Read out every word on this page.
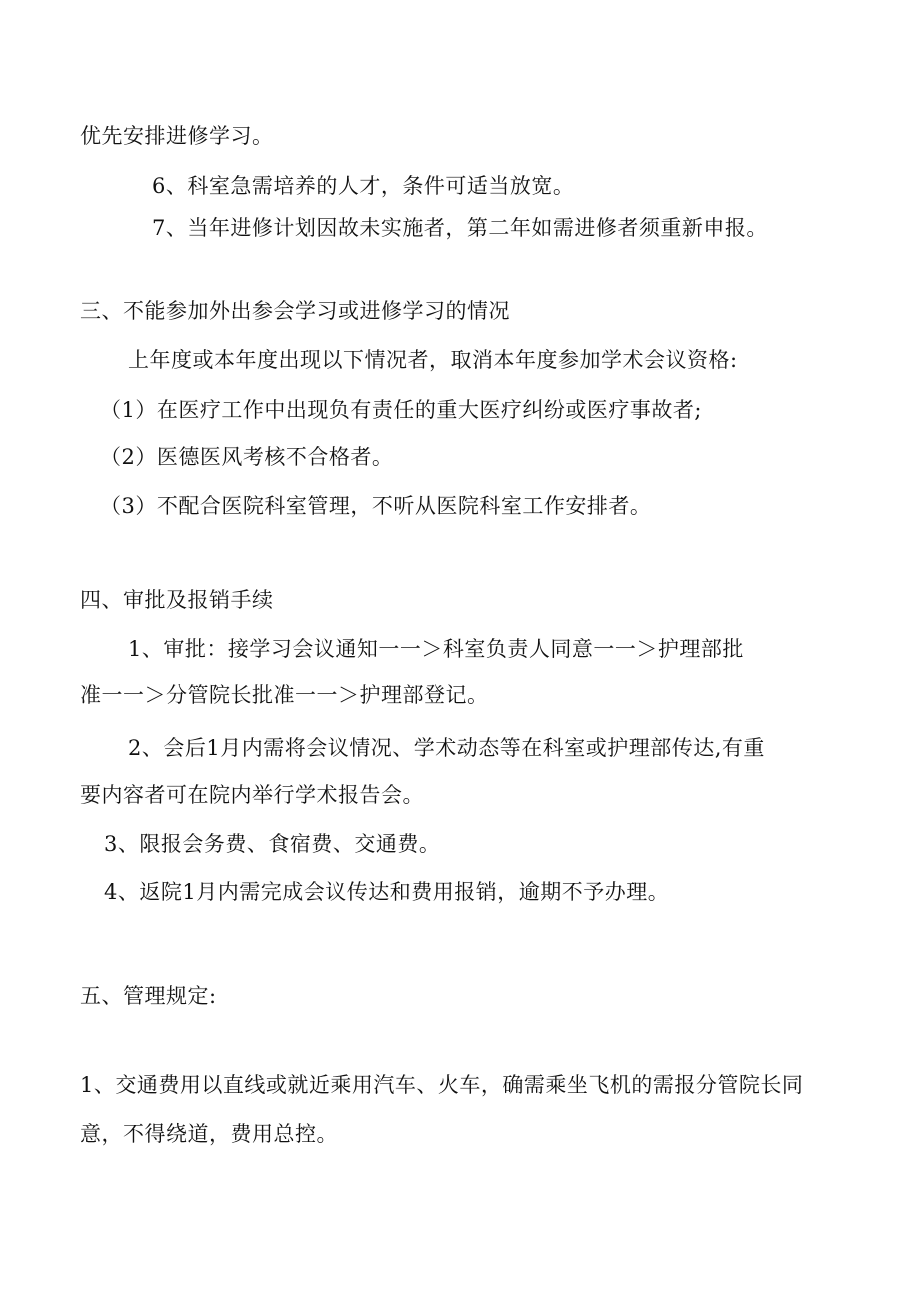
优先安排进修学习。
6、科室急需培养的人才，条件可适当放宽。
7、当年进修计划因故未实施者，第二年如需进修者须重新申报。
三、不能参加外出参会学习或进修学习的情况
上年度或本年度出现以下情况者，取消本年度参加学术会议资格:
（1）在医疗工作中出现负有责任的重大医疗纠纷或医疗事故者;
（2）医德医风考核不合格者。
（3）不配合医院科室管理，不听从医院科室工作安排者。
四、审批及报销手续
1、审批：接学习会议通知一一＞科室负责人同意一一＞护理部批
准一一＞分管院长批准一一＞护理部登记。
2、会后1月内需将会议情况、学术动态等在科室或护理部传达,有重
要内容者可在院内举行学术报告会。
3、限报会务费、食宿费、交通费。
4、返院1月内需完成会议传达和费用报销，逾期不予办理。
五、管理规定:
1、交通费用以直线或就近乘用汽车、火车，确需乘坐飞机的需报分管院长同
意，不得绕道，费用总控。
